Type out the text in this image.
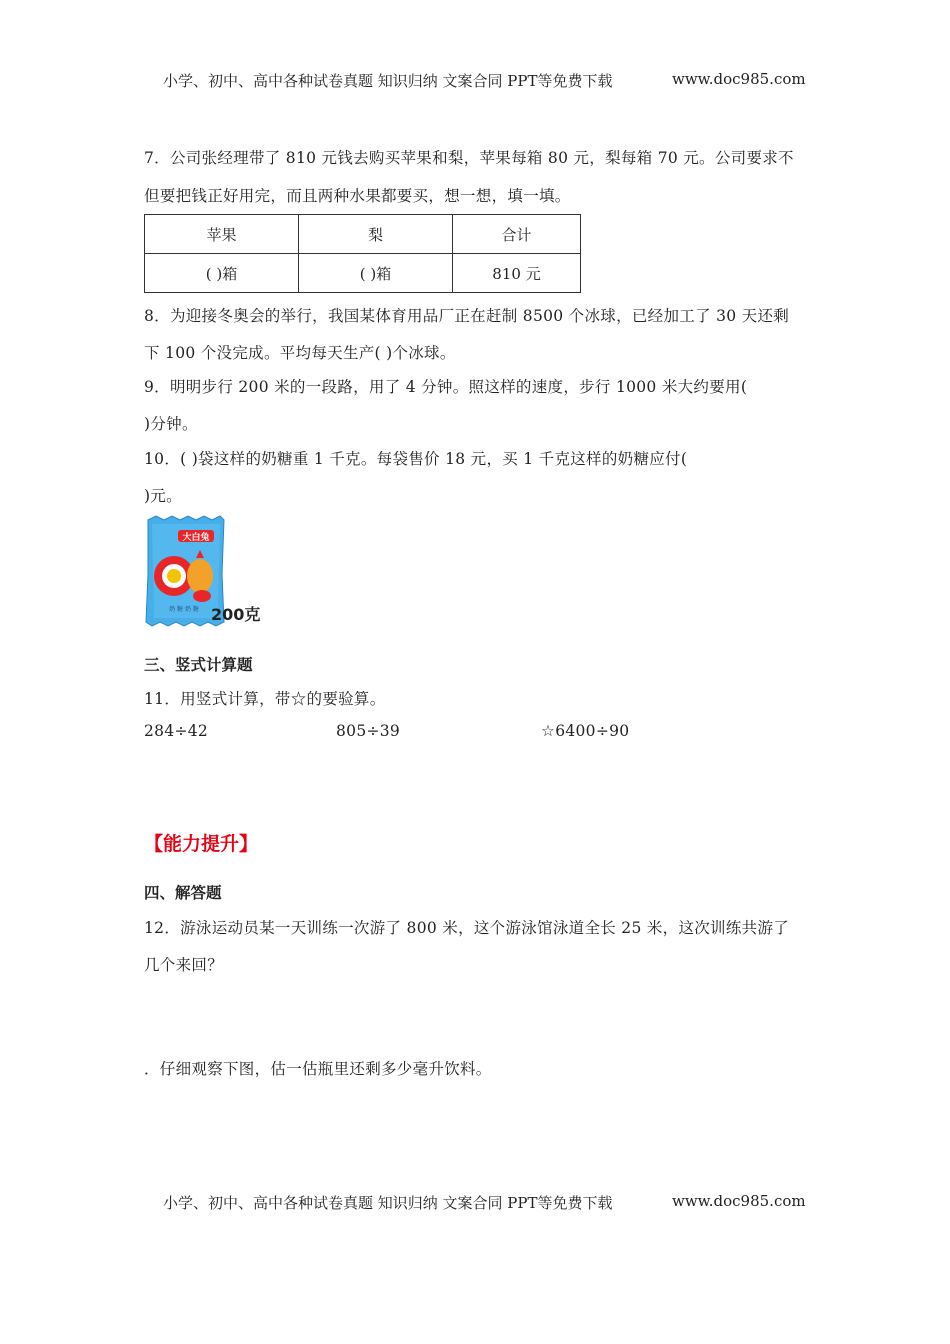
小学、初中、高中各种试卷真题 知识归纳 文案合同 PPT等免费下载	www.doc985.com
7．公司张经理带了 810 元钱去购买苹果和梨，苹果每箱 80 元，梨每箱 70 元。公司要求不
但要把钱正好用完，而且两种水果都要买，想一想，填一填。
苹果	梨	合计
( )箱	( )箱	810 元
8．为迎接冬奥会的举行，我国某体育用品厂正在赶制 8500 个冰球，已经加工了 30 天还剩
下 100 个没完成。平均每天生产( )个冰球。
9．明明步行 200 米的一段路，用了 4 分钟。照这样的速度，步行 1000 米大约要用(
)分钟。
10．( )袋这样的奶糖重 1 千克。每袋售价 18 元，买 1 千克这样的奶糖应付(
)元。
大白兔
奶 糖 奶 糖 200克
三、竖式计算题
11．用竖式计算，带☆的要验算。
284÷42	805÷39	☆6400÷90
【能力提升】
四、解答题
12．游泳运动员某一天训练一次游了 800 米，这个游泳馆泳道全长 25 米，这次训练共游了
几个来回？
．仔细观察下图，估一估瓶里还剩多少毫升饮料。
小学、初中、高中各种试卷真题 知识归纳 文案合同 PPT等免费下载	www.doc985.com
